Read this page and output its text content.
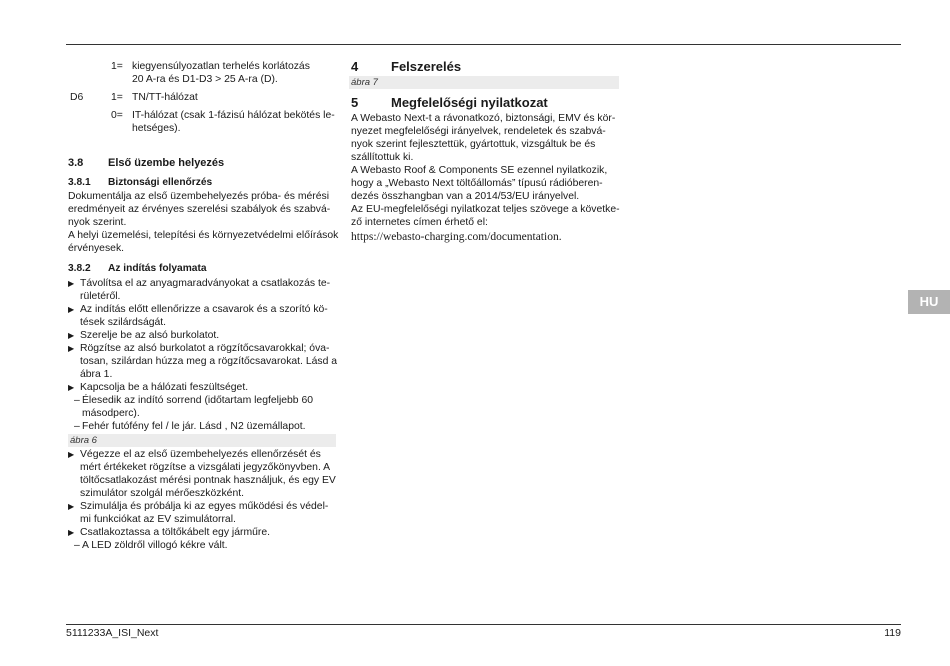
1= kiegyensúlyozatlan terhelés korlátozás
20 A-ra és D1-D3 > 25 A-ra (D).
D6	1= TN/TT-hálózat
0= IT-hálózat (csak 1-fázisú hálózat bekötés le-
hetséges).
3.8 Első üzembe helyezés
3.8.1 Biztonsági ellenőrzés
Dokumentálja az első üzembehelyezés próba- és mérési
eredményeit az érvényes szerelési szabályok és szabvá-
nyok szerint.
A helyi üzemelési, telepítési és környezetvédelmi előírások
érvényesek.
3.8.2 Az indítás folyamata
▶ Távolítsa el az anyagmaradványokat a csatlakozás te-
rületéről.
▶ Az indítás előtt ellenőrizze a csavarok és a szorító kö-
tések szilárdságát.
▶ Szerelje be az alsó burkolatot.
▶ Rögzítse az alsó burkolatot a rögzítőcsavarokkal; óva-
tosan, szilárdan húzza meg a rögzítőcsavarokat. Lásd a
ábra 1.
▶ Kapcsolja be a hálózati feszültséget.
– Élesedik az indító sorrend (időtartam legfeljebb 60
másodperc).
– Fehér futófény fel / le jár. Lásd , N2 üzemállapot.
ábra 6
▶ Végezze el az első üzembehelyezés ellenőrzését és
mért értékeket rögzítse a vizsgálati jegyzőkönyvben. A
töltőcsatlakozást mérési pontnak használjuk, és egy EV
szimulátor szolgál mérőeszközként.
▶ Szimulálja és próbálja ki az egyes működési és védel-
mi funkciókat az EV szimulátorral.
▶ Csatlakoztassa a töltőkábelt egy járműre.
– A LED zöldről villogó kékre vált.
4	Felszerelés
ábra 7
5	Megfelelőségi nyilatkozat
A Webasto Next-t a rávonatkozó, biztonsági, EMV és kör-
nyezet megfelelőségi irányelvek, rendeletek és szabvá-
nyok szerint fejlesztettük, gyártottuk, vizsgáltuk be és
szállítottuk ki.
A Webasto Roof & Components SE ezennel nyilatkozik,
hogy a „Webasto Next töltőállomás” típusú rádióberen-
dezés összhangban van a 2014/53/EU irányelvel.
Az EU-megfelelőségi nyilatkozat teljes szövege a követke-
ző internetes címen érhető el:
https://webasto-charging.com/documentation.
HU
5111233A_ISI_Next	119
